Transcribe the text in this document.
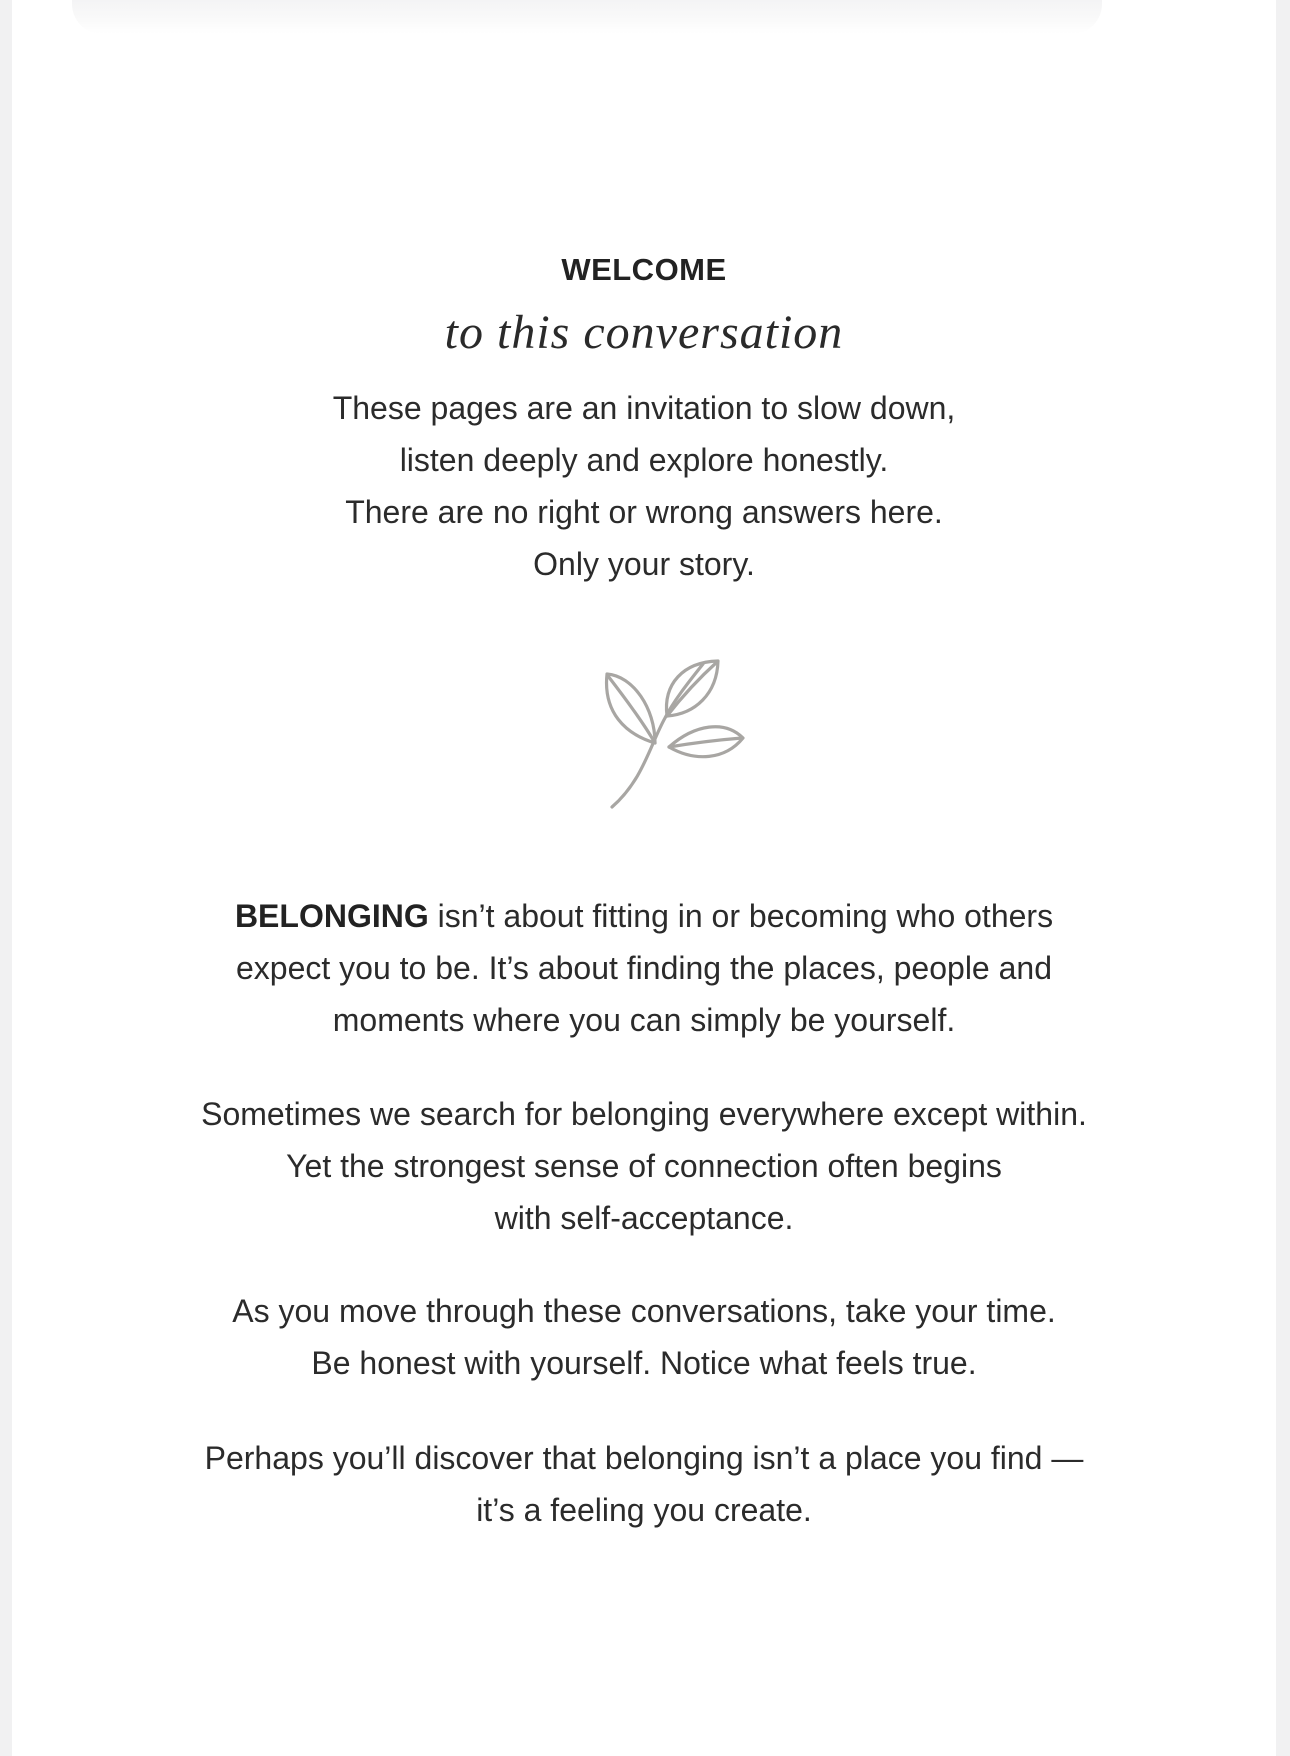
WELCOME
to this conversation
These pages are an invitation to slow down,
listen deeply and explore honestly.
There are no right or wrong answers here.
Only your story.
BELONGING isn’t about fitting in or becoming who others
expect you to be. It’s about finding the places, people and
moments where you can simply be yourself.
Sometimes we search for belonging everywhere except within.
Yet the strongest sense of connection often begins
with self-acceptance.
As you move through these conversations, take your time.
Be honest with yourself. Notice what feels true.
Perhaps you’ll discover that belonging isn’t a place you find —
it’s a feeling you create.
